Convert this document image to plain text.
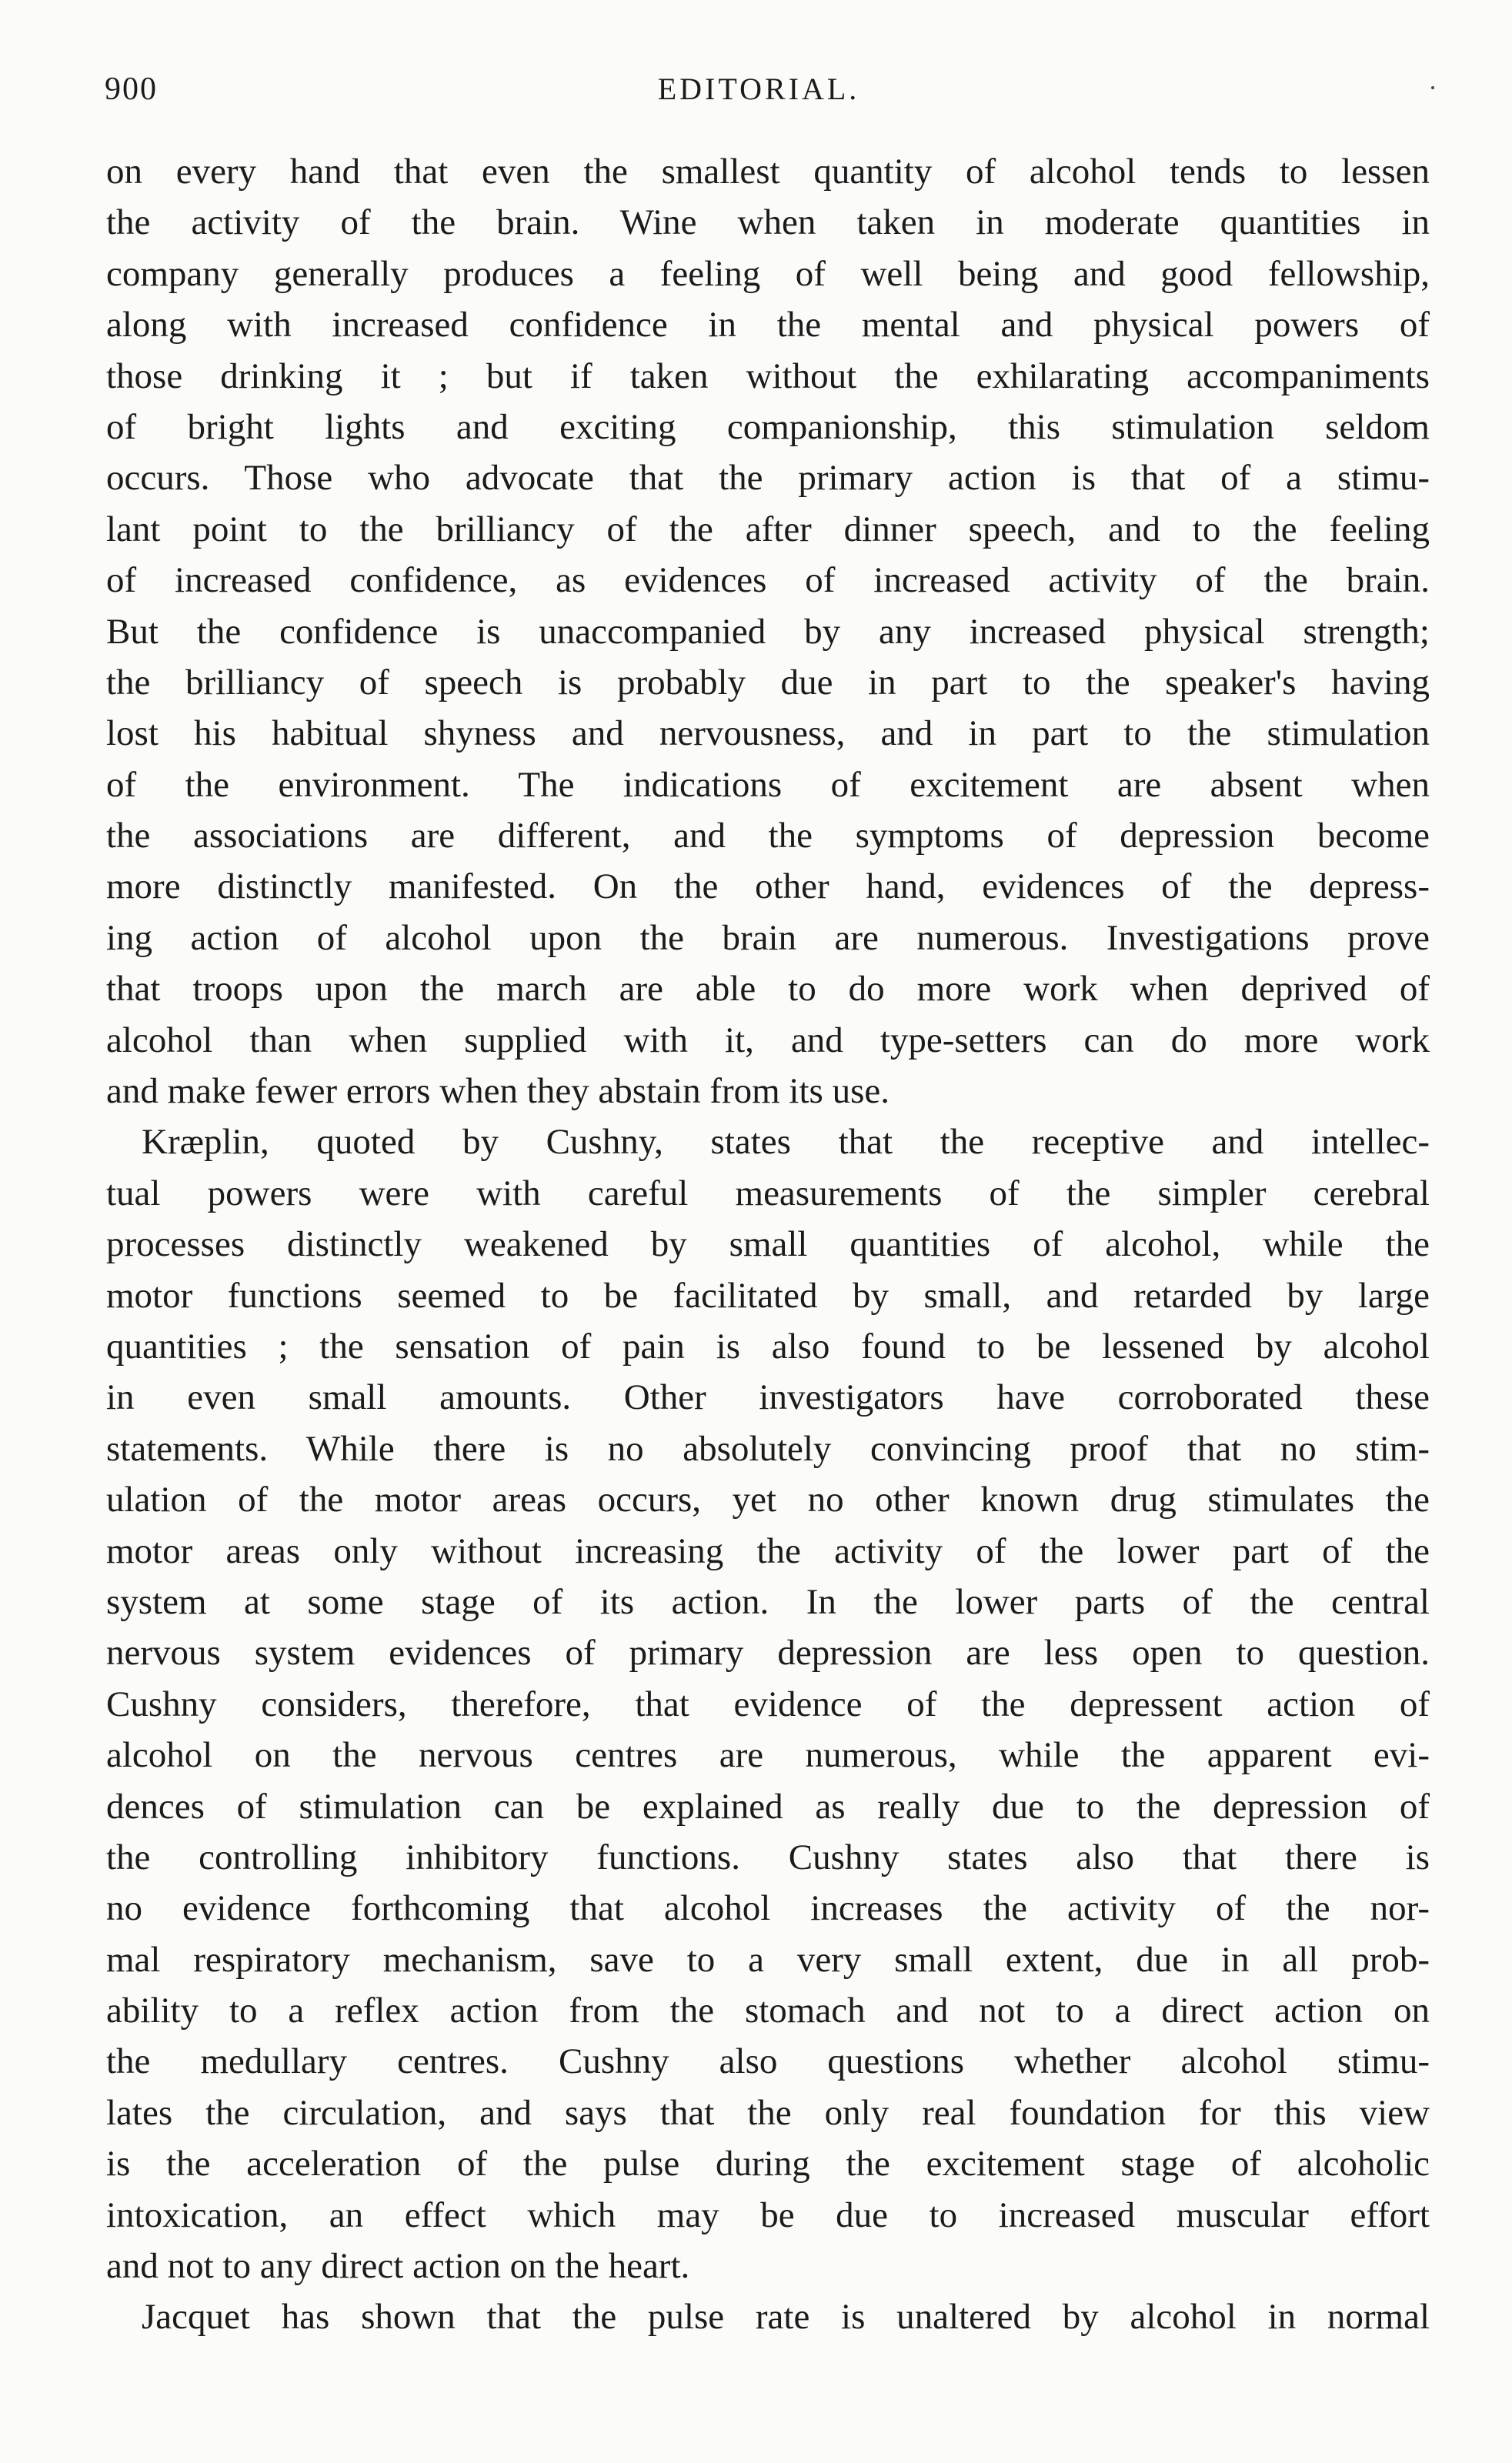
900	EDITORIAL.
on every hand that even the smallest quantity of alcohol tends to lessen
the activity of the brain. Wine when taken in moderate quantities in
company generally produces a feeling of well being and good fellowship,
along with increased confidence in the mental and physical powers of
those drinking it ; but if taken without the exhilarating accompaniments
of bright lights and exciting companionship, this stimulation seldom
occurs. Those who advocate that the primary action is that of a stimu-
lant point to the brilliancy of the after dinner speech, and to the feeling
of increased confidence, as evidences of increased activity of the brain.
But the confidence is unaccompanied by any increased physical strength;
the brilliancy of speech is probably due in part to the speaker's having
lost his habitual shyness and nervousness, and in part to the stimulation
of the environment. The indications of excitement are absent when
the associations are different, and the symptoms of depression become
more distinctly manifested. On the other hand, evidences of the depress-
ing action of alcohol upon the brain are numerous. Investigations prove
that troops upon the march are able to do more work when deprived of
alcohol than when supplied with it, and type-setters can do more work
and make fewer errors when they abstain from its use.
Kræplin, quoted by Cushny, states that the receptive and intellec-
tual powers were with careful measurements of the simpler cerebral
processes distinctly weakened by small quantities of alcohol, while the
motor functions seemed to be facilitated by small, and retarded by large
quantities ; the sensation of pain is also found to be lessened by alcohol
in even small amounts. Other investigators have corroborated these
statements. While there is no absolutely convincing proof that no stim-
ulation of the motor areas occurs, yet no other known drug stimulates the
motor areas only without increasing the activity of the lower part of the
system at some stage of its action. In the lower parts of the central
nervous system evidences of primary depression are less open to question.
Cushny considers, therefore, that evidence of the depressent action of
alcohol on the nervous centres are numerous, while the apparent evi-
dences of stimulation can be explained as really due to the depression of
the controlling inhibitory functions. Cushny states also that there is
no evidence forthcoming that alcohol increases the activity of the nor-
mal respiratory mechanism, save to a very small extent, due in all prob-
ability to a reflex action from the stomach and not to a direct action on
the medullary centres. Cushny also questions whether alcohol stimu-
lates the circulation, and says that the only real foundation for this view
is the acceleration of the pulse during the excitement stage of alcoholic
intoxication, an effect which may be due to increased muscular effort
and not to any direct action on the heart.
Jacquet has shown that the pulse rate is unaltered by alcohol in normal
